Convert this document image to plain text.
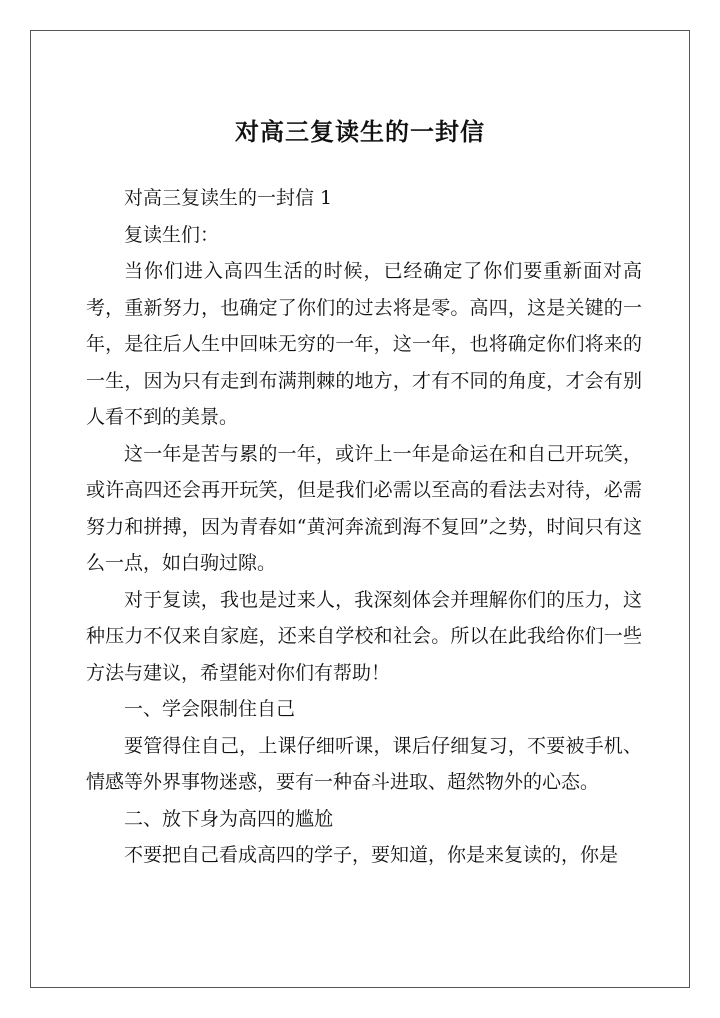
对高三复读生的一封信

对高三复读生的一封信 1

复读生们：

当你们进入高四生活的时候，已经确定了你们要重新面对高考，重新努力，也确定了你们的过去将是零。高四，这是关键的一年，是往后人生中回味无穷的一年，这一年，也将确定你们将来的一生，因为只有走到布满荆棘的地方，才有不同的角度，才会有别人看不到的美景。

这一年是苦与累的一年，或许上一年是命运在和自己开玩笑，或许高四还会再开玩笑，但是我们必需以至高的看法去对待，必需努力和拼搏，因为青春如“黄河奔流到海不复回”之势，时间只有这么一点，如白驹过隙。

对于复读，我也是过来人，我深刻体会并理解你们的压力，这种压力不仅来自家庭，还来自学校和社会。所以在此我给你们一些方法与建议，希望能对你们有帮助！

一、学会限制住自己

要管得住自己，上课仔细听课，课后仔细复习，不要被手机、情感等外界事物迷惑，要有一种奋斗进取、超然物外的心态。

二、放下身为高四的尴尬

不要把自己看成高四的学子，要知道，你是来复读的，你是
